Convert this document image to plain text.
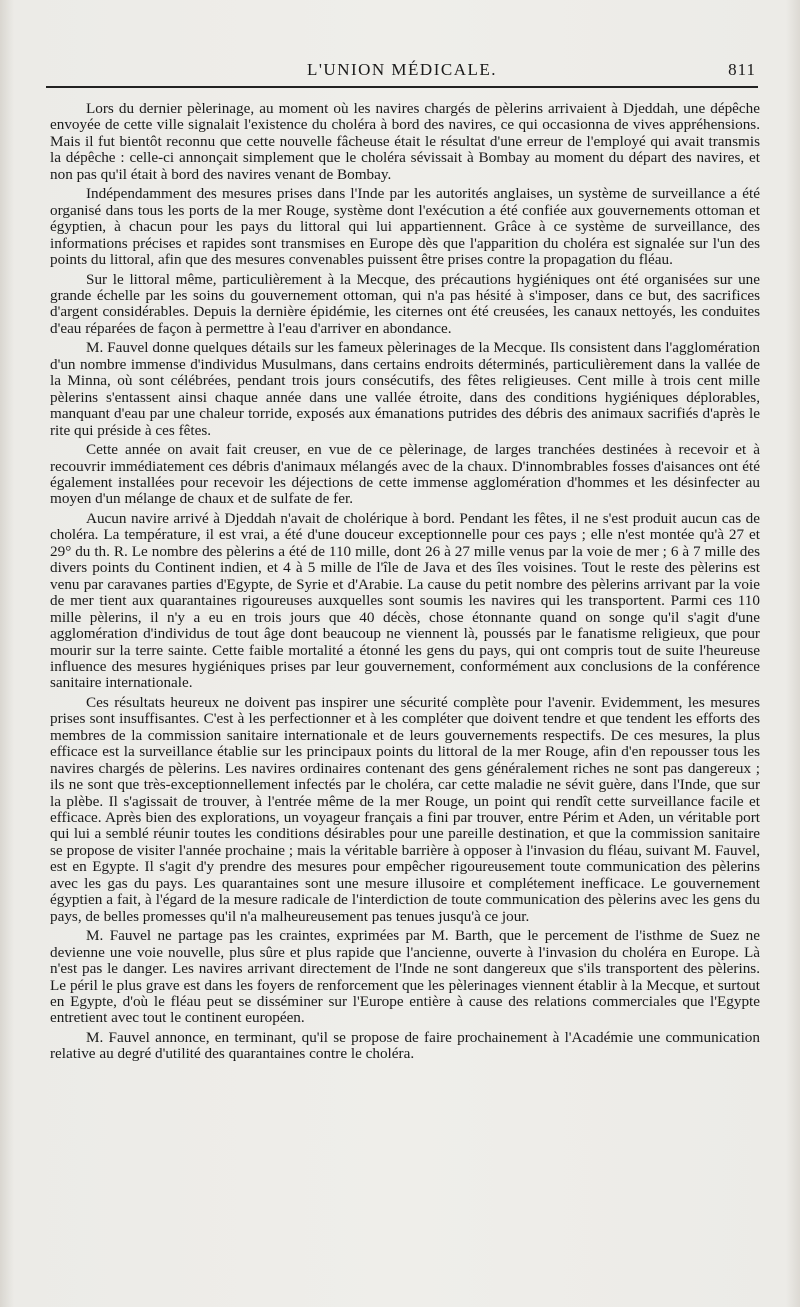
L'UNION MÉDICALE.	811

Lors du dernier pèlerinage, au moment où les navires chargés de pèlerins arrivaient à Djeddah, une dépêche envoyée de cette ville signalait l'existence du choléra à bord des navires, ce qui occasionna de vives appréhensions. Mais il fut bientôt reconnu que cette nouvelle fâcheuse était le résultat d'une erreur de l'employé qui avait transmis la dépêche : celle-ci annonçait simplement que le choléra sévissait à Bombay au moment du départ des navires, et non pas qu'il était à bord des navires venant de Bombay.

Indépendamment des mesures prises dans l'Inde par les autorités anglaises, un système de surveillance a été organisé dans tous les ports de la mer Rouge, système dont l'exécution a été confiée aux gouvernements ottoman et égyptien, à chacun pour les pays du littoral qui lui appartiennent. Grâce à ce système de surveillance, des informations précises et rapides sont transmises en Europe dès que l'apparition du choléra est signalée sur l'un des points du littoral, afin que des mesures convenables puissent être prises contre la propagation du fléau.

Sur le littoral même, particulièrement à la Mecque, des précautions hygiéniques ont été organisées sur une grande échelle par les soins du gouvernement ottoman, qui n'a pas hésité à s'imposer, dans ce but, des sacrifices d'argent considérables. Depuis la dernière épidémie, les citernes ont été creusées, les canaux nettoyés, les conduites d'eau réparées de façon à permettre à l'eau d'arriver en abondance.

M. Fauvel donne quelques détails sur les fameux pèlerinages de la Mecque. Ils consistent dans l'agglomération d'un nombre immense d'individus Musulmans, dans certains endroits déterminés, particulièrement dans la vallée de la Minna, où sont célébrées, pendant trois jours consécutifs, des fêtes religieuses. Cent mille à trois cent mille pèlerins s'entassent ainsi chaque année dans une vallée étroite, dans des conditions hygiéniques déplorables, manquant d'eau par une chaleur torride, exposés aux émanations putrides des débris des animaux sacrifiés d'après le rite qui préside à ces fêtes.

Cette année on avait fait creuser, en vue de ce pèlerinage, de larges tranchées destinées à recevoir et à recouvrir immédiatement ces débris d'animaux mélangés avec de la chaux. D'innombrables fosses d'aisances ont été également installées pour recevoir les déjections de cette immense agglomération d'hommes et les désinfecter au moyen d'un mélange de chaux et de sulfate de fer.

Aucun navire arrivé à Djeddah n'avait de cholérique à bord. Pendant les fêtes, il ne s'est produit aucun cas de choléra. La température, il est vrai, a été d'une douceur exceptionnelle pour ces pays ; elle n'est montée qu'à 27 et 29° du th. R. Le nombre des pèlerins a été de 110 mille, dont 26 à 27 mille venus par la voie de mer ; 6 à 7 mille des divers points du Continent indien, et 4 à 5 mille de l'île de Java et des îles voisines. Tout le reste des pèlerins est venu par caravanes parties d'Egypte, de Syrie et d'Arabie. La cause du petit nombre des pèlerins arrivant par la voie de mer tient aux quarantaines rigoureuses auxquelles sont soumis les navires qui les transportent. Parmi ces 110 mille pèlerins, il n'y a eu en trois jours que 40 décès, chose étonnante quand on songe qu'il s'agit d'une agglomération d'individus de tout âge dont beaucoup ne viennent là, poussés par le fanatisme religieux, que pour mourir sur la terre sainte. Cette faible mortalité a étonné les gens du pays, qui ont compris tout de suite l'heureuse influence des mesures hygiéniques prises par leur gouvernement, conformément aux conclusions de la conférence sanitaire internationale.

Ces résultats heureux ne doivent pas inspirer une sécurité complète pour l'avenir. Evidemment, les mesures prises sont insuffisantes. C'est à les perfectionner et à les compléter que doivent tendre et que tendent les efforts des membres de la commission sanitaire internationale et de leurs gouvernements respectifs. De ces mesures, la plus efficace est la surveillance établie sur les principaux points du littoral de la mer Rouge, afin d'en repousser tous les navires chargés de pèlerins. Les navires ordinaires contenant des gens généralement riches ne sont pas dangereux ; ils ne sont que très-exceptionnellement infectés par le choléra, car cette maladie ne sévit guère, dans l'Inde, que sur la plèbe. Il s'agissait de trouver, à l'entrée même de la mer Rouge, un point qui rendît cette surveillance facile et efficace. Après bien des explorations, un voyageur français a fini par trouver, entre Périm et Aden, un véritable port qui lui a semblé réunir toutes les conditions désirables pour une pareille destination, et que la commission sanitaire se propose de visiter l'année prochaine ; mais la véritable barrière à opposer à l'invasion du fléau, suivant M. Fauvel, est en Egypte. Il s'agit d'y prendre des mesures pour empêcher rigoureusement toute communication des pèlerins avec les gas du pays. Les quarantaines sont une mesure illusoire et complétement inefficace. Le gouvernement égyptien a fait, à l'égard de la mesure radicale de l'interdiction de toute communication des pèlerins avec les gens du pays, de belles promesses qu'il n'a malheureusement pas tenues jusqu'à ce jour.

M. Fauvel ne partage pas les craintes, exprimées par M. Barth, que le percement de l'isthme de Suez ne devienne une voie nouvelle, plus sûre et plus rapide que l'ancienne, ouverte à l'invasion du choléra en Europe. Là n'est pas le danger. Les navires arrivant directement de l'Inde ne sont dangereux que s'ils transportent des pèlerins. Le péril le plus grave est dans les foyers de renforcement que les pèlerinages viennent établir à la Mecque, et surtout en Egypte, d'où le fléau peut se disséminer sur l'Europe entière à cause des relations commerciales que l'Egypte entretient avec tout le continent européen.

M. Fauvel annonce, en terminant, qu'il se propose de faire prochainement à l'Académie une communication relative au degré d'utilité des quarantaines contre le choléra.
